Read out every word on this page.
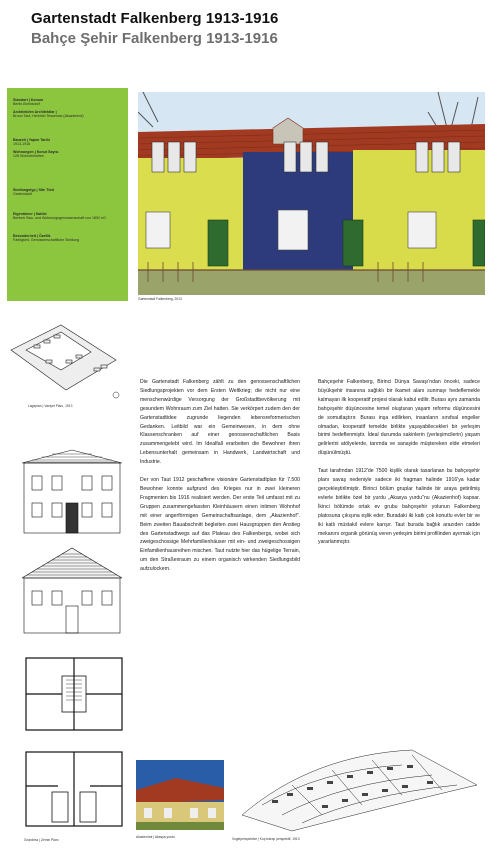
Gartenstadt Falkenberg 1913-1916
Bahçe Şehir Falkenberg 1913-1916
Standort | Konum
Berlin-Bohnsdorf
Architekt/en Architektlar |
Bruno Taut, Heinrich Tessenow (Akazienhof)
Bauzeit | Yapım Tarihi
1913-1916
Wohnungen | Konut Sayısı
128 Wohneinheiten
Siedlungstyp | Site Türü
Gartenstadt
Eigentümer | Sahibi
Berliner Bau- und Wohnungsgenossenschaft von 1892 eG
Besonderheit | Özellik
Farbigkeit, Genossenschaftliche Siedlung
Gartenstadt Falkenberg, 2013
Lageplan | Vaziyet Planı, 1913
Grundriss | Zemin Planı

Die Gartenstadt Falkenberg zählt zu den genossenschaftlichen Siedlungsprojekten vor dem Ersten Weltkrieg; die nicht nur eine menschenwürdige Versorgung der Großstadtbevölkerung mit gesundem Wohnraum zum Ziel hatten. Sie verkörpert zudem den der Gartenstadtidee zugrunde liegenden lebensreformerischen Gedanken. Leitbild war ein Gemeinwesen, in dem ohne Klassenschranken auf einer genossenschaftlichen Basis zusammengelebt wird. Im Idealfall erarbeiten die Bewohner ihren Lebensunterhalt gemeinsam in Handwerk, Landwirtschaft und Industrie.

Der von Taut 1912 geschaffene visionäre Gartenstadtplan für 7.500 Bewohner konnte aufgrund des Krieges nur in zwei kleineren Fragmenten bis 1916 realisiert werden. Der erste Teil umfasst mit zu Gruppen zusammengefassten Kleinhäusern einen intimen Wohnhof mit einer angerförmigen Gemeinschaftsanlage, dem „Akazienhof". Beim zweiten Bauabschnitt begleiten zwei Hausgruppen den Anstieg des Gartenstadtwegs auf das Plateau des Falkenbergs, wobei sich zweigeschossige Mehrfamilienhäuser mit ein- und zweigeschossigen Einfamilienhausreihen mischen. Taut nutzte hier das hügelige Terrain, um den Straßenraum zu einem organisch wirkenden Siedlungsbild aufzulockern.

Bahçeşehir Falkenberg, Birinci Dünya Savaşı'ndan önceki, sadece büyükşehir insanına sağlıklı bir ikamet alanı sunmayı hedeflemekle kalmayan ilk kooperatif projesi olarak kabul edilir. Burası aynı zamanda bahçeşehir düşüncesine temel oluşturan yaşam reformu düşüncesini de somutlaştırır. Burası inşa edilirken, insanların sınıfsal engeller olmadan, kooperatif temelde birlikte yaşayabilecekleri bir yerleşim birimi hedeflenmiştir. İdeal durumda sakinlerin (yerleşimcilerin) yaşam gelirlerini atölyelerde, tarımda ve sanayide müştereken elde etmeleri düşünülmüştü.

Taut tarafından 1912'de 7500 kişilik olarak tasarlanan bu bahçeşehir planı savaş nedeniyle sadece iki fragman halinde 1916'ya kadar gerçekleştirilmiştir. Birinci bölüm gruplar halinde bir araya getirilmiş evlerle birlikte özel bir yurdu „Akasya yurdu"nu (Akazienhof) kapsar. İkinci bölümde ortak ev grubu bahçeşehir yolunun Falkenberg platosuna çıkışına eşlik eder. Buradaki iki katlı çok konutlu evler bir ve iki katlı müstakil evlere karışır. Taut burada bağlık arazıden cadde mekanını organik görünüş veren yerleşim birimi profilinden ayırmak için yararlanmıştır.

Akazienhof | Akasya yurdu	Vogelperspektive | Kuş bakışı perspektif, 1913
